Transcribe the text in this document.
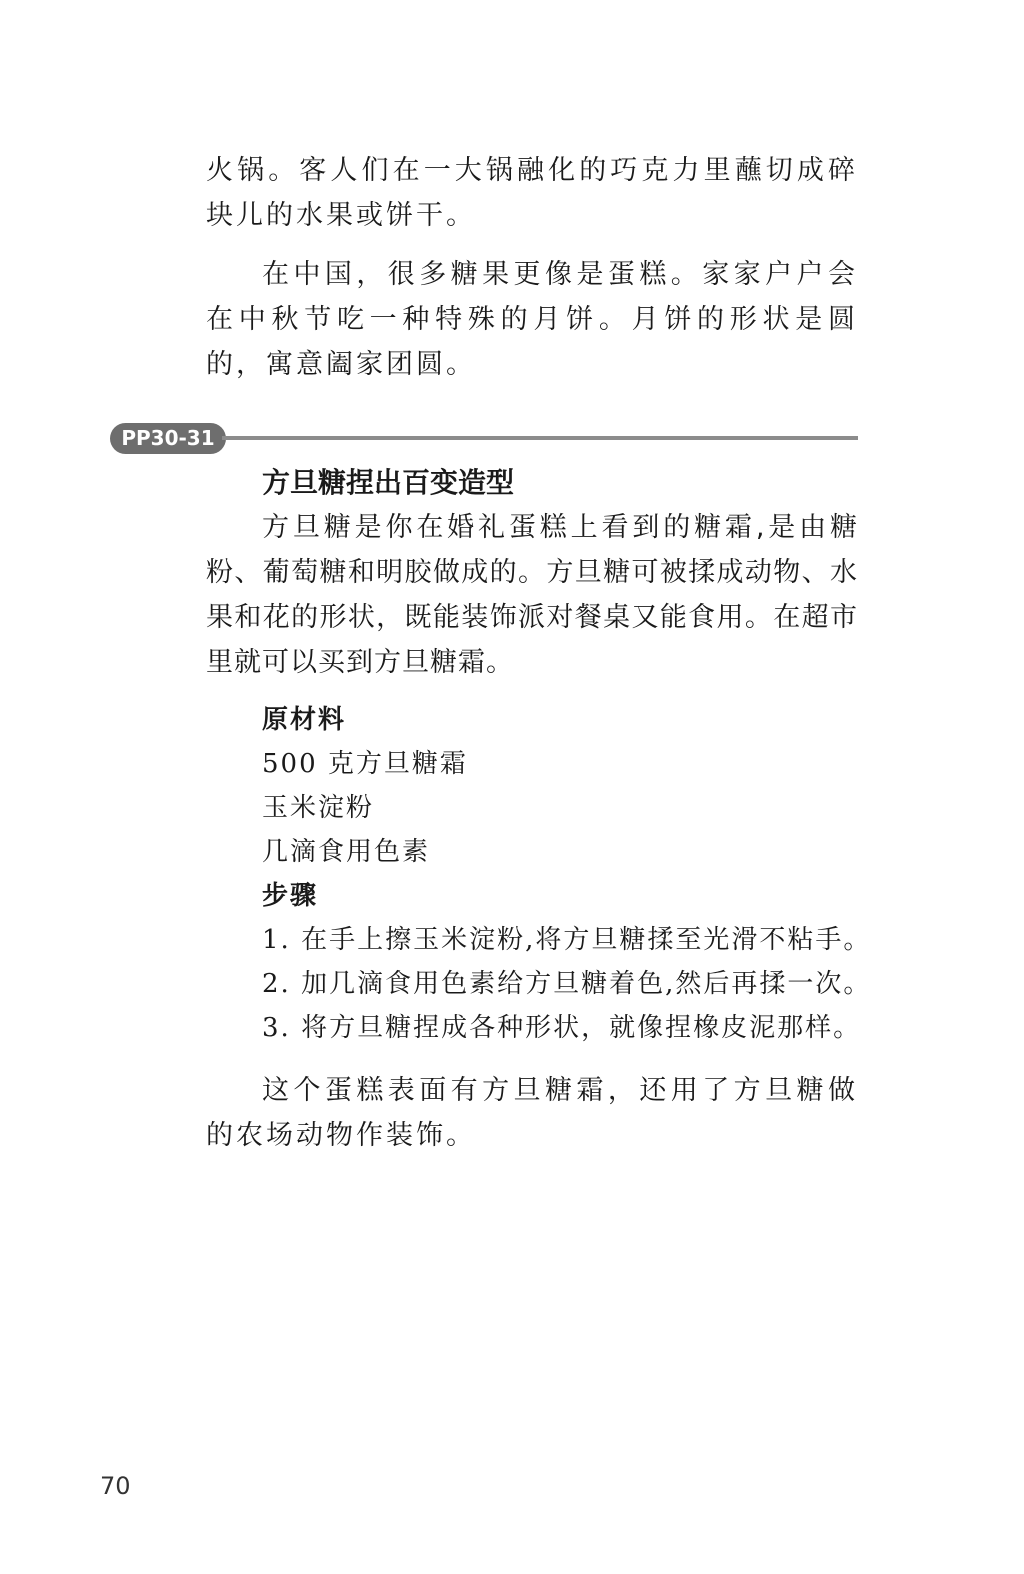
火锅。客人们在一大锅融化的巧克力里蘸切成碎块儿的水果或饼干。

在中国，很多糖果更像是蛋糕。家家户户会在中秋节吃一种特殊的月饼。月饼的形状是圆的，寓意阖家团圆。

PP30-31
方旦糖捏出百变造型

方旦糖是你在婚礼蛋糕上看到的糖霜,是由糖粉、葡萄糖和明胶做成的。方旦糖可被揉成动物、水果和花的形状，既能装饰派对餐桌又能食用。在超市里就可以买到方旦糖霜。

原材料
500 克方旦糖霜
玉米淀粉
几滴食用色素
步骤
1. 在手上擦玉米淀粉,将方旦糖揉至光滑不粘手。
2. 加几滴食用色素给方旦糖着色,然后再揉一次。
3. 将方旦糖捏成各种形状，就像捏橡皮泥那样。

这个蛋糕表面有方旦糖霜，还用了方旦糖做的农场动物作装饰。

70
